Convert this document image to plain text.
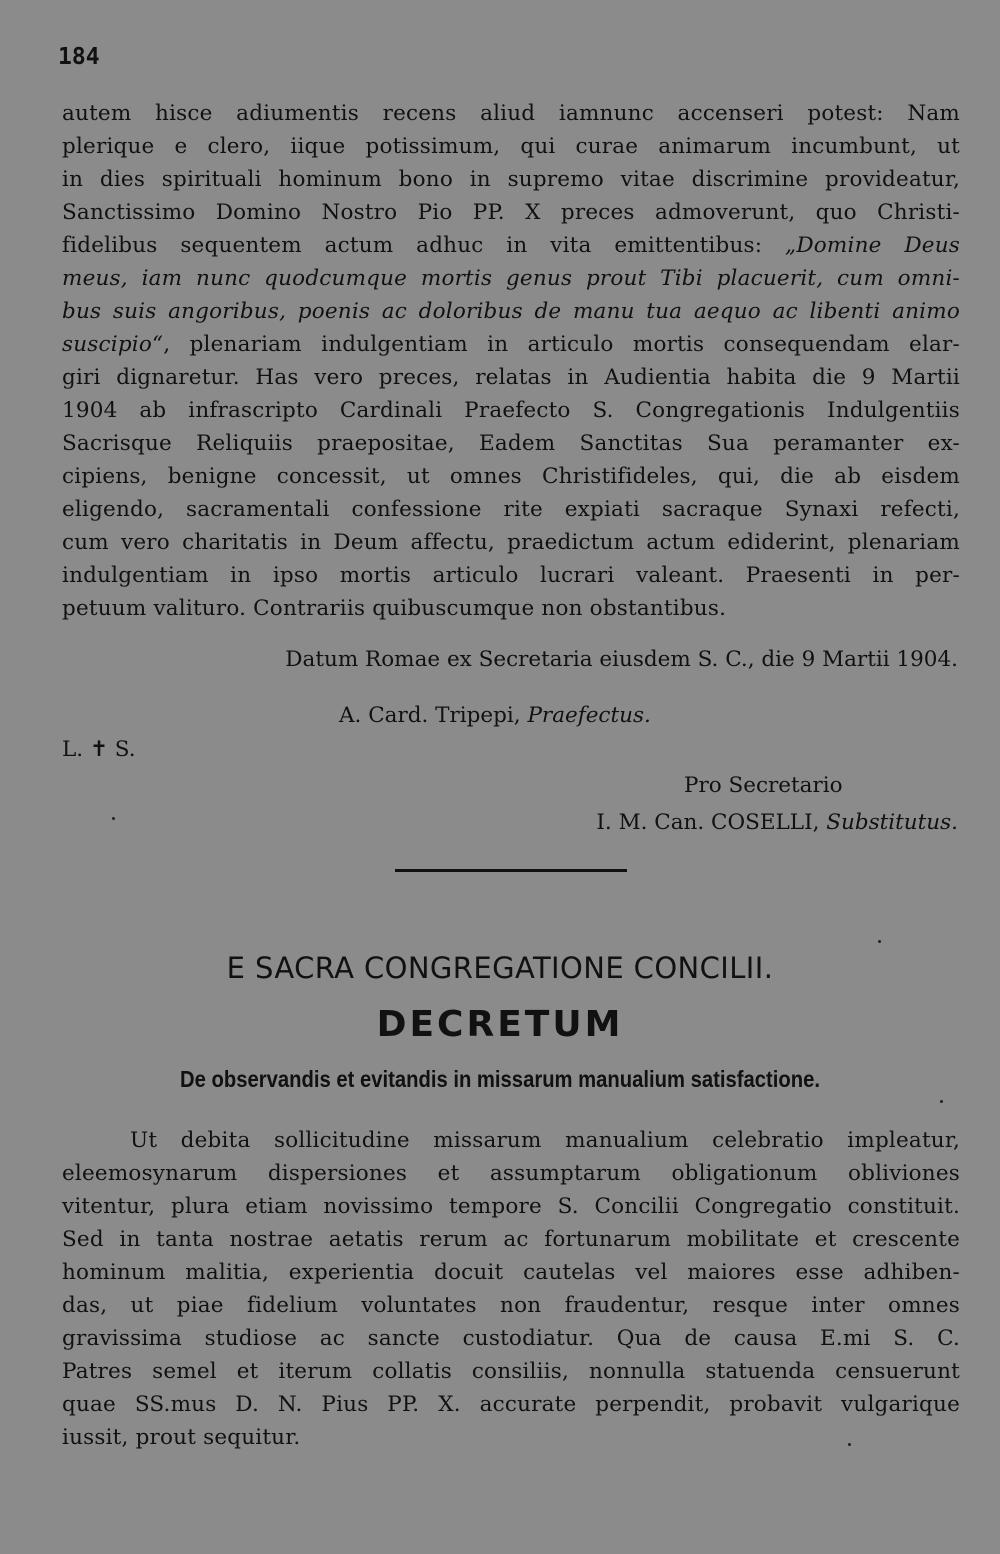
184
autem hisce adiumentis recens aliud iamnunc accenseri potest: Nam
plerique e clero, iique potissimum, qui curae animarum incumbunt, ut
in dies spirituali hominum bono in supremo vitae discrimine provideatur,
Sanctissimo Domino Nostro Pio PP. X preces admoverunt, quo Christi-
fidelibus sequentem actum adhuc in vita emittentibus: „Domine Deus
meus, iam nunc quodcumque mortis genus prout Tibi placuerit, cum omni-
bus suis angoribus, poenis ac doloribus de manu tua aequo ac libenti animo
suscipio“, plenariam indulgentiam in articulo mortis consequendam elar-
giri dignaretur. Has vero preces, relatas in Audientia habita die 9 Martii
1904 ab infrascripto Cardinali Praefecto S. Congregationis Indulgentiis
Sacrisque Reliquiis praepositae, Eadem Sanctitas Sua peramanter ex-
cipiens, benigne concessit, ut omnes Christifideles, qui, die ab eisdem
eligendo, sacramentali confessione rite expiati sacraque Synaxi refecti,
cum vero charitatis in Deum affectu, praedictum actum ediderint, plenariam
indulgentiam in ipso mortis articulo lucrari valeant. Praesenti in per-
petuum valituro. Contrariis quibuscumque non obstantibus.
Datum Romae ex Secretaria eiusdem S. C., die 9 Martii 1904.
A. Card. Tripepi, Praefectus.
L. ✝ S.
Pro Secretario
I. M. Can. COSELLI, Substitutus.
E SACRA CONGREGATIONE CONCILII.
DECRETUM
De observandis et evitandis in missarum manualium satisfactione.
Ut debita sollicitudine missarum manualium celebratio impleatur,
eleemosynarum dispersiones et assumptarum obligationum obliviones
vitentur, plura etiam novissimo tempore S. Concilii Congregatio constituit.
Sed in tanta nostrae aetatis rerum ac fortunarum mobilitate et crescente
hominum malitia, experientia docuit cautelas vel maiores esse adhiben-
das, ut piae fidelium voluntates non fraudentur, resque inter omnes
gravissima studiose ac sancte custodiatur. Qua de causa E.mi S. C.
Patres semel et iterum collatis consiliis, nonnulla statuenda censuerunt
quae SS.mus D. N. Pius PP. X. accurate perpendit, probavit vulgarique
iussit, prout sequitur.
